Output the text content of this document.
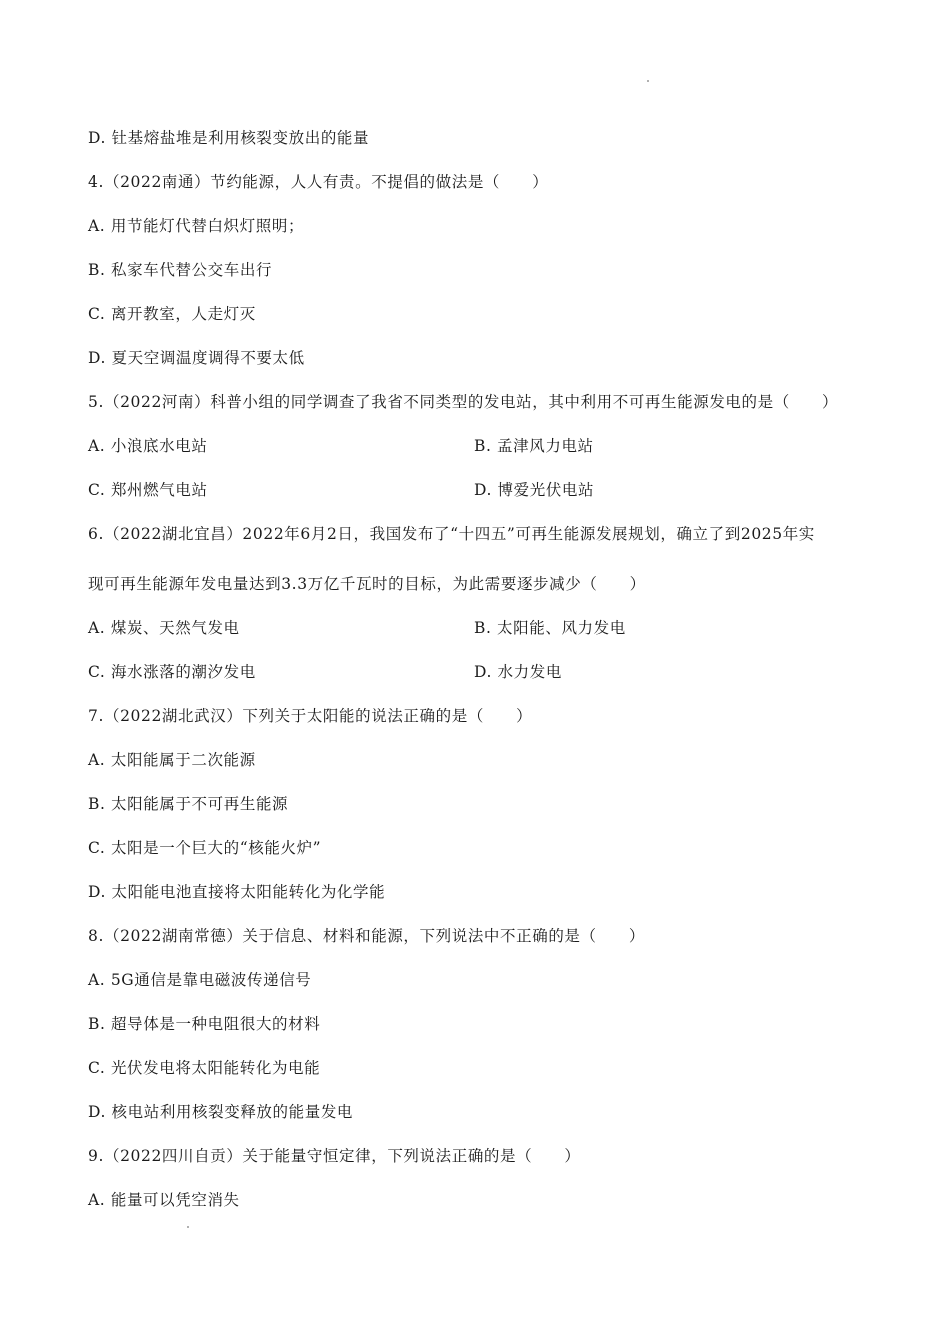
D. 钍基熔盐堆是利用核裂变放出的能量
4.（2022南通）节约能源，人人有责。不提倡的做法是（　　）
A. 用节能灯代替白炽灯照明；
B. 私家车代替公交车出行
C. 离开教室，人走灯灭
D. 夏天空调温度调得不要太低
5.（2022河南）科普小组的同学调查了我省不同类型的发电站，其中利用不可再生能源发电的是（　　）
A. 小浪底水电站	B. 孟津风力电站
C. 郑州燃气电站	D. 博爱光伏电站
6.（2022湖北宜昌）2022年6月2日，我国发布了“十四五”可再生能源发展规划，确立了到2025年实
现可再生能源年发电量达到3.3万亿千瓦时的目标，为此需要逐步减少（　　）
A. 煤炭、天然气发电	B. 太阳能、风力发电
C. 海水涨落的潮汐发电	D. 水力发电
7.（2022湖北武汉）下列关于太阳能的说法正确的是（　　）
A. 太阳能属于二次能源
B. 太阳能属于不可再生能源
C. 太阳是一个巨大的“核能火炉”
D. 太阳能电池直接将太阳能转化为化学能
8.（2022湖南常德）关于信息、材料和能源，下列说法中不正确的是（　　）
A. 5G通信是靠电磁波传递信号
B. 超导体是一种电阻很大的材料
C. 光伏发电将太阳能转化为电能
D. 核电站利用核裂变释放的能量发电
9.（2022四川自贡）关于能量守恒定律，下列说法正确的是（　　）
A. 能量可以凭空消失
